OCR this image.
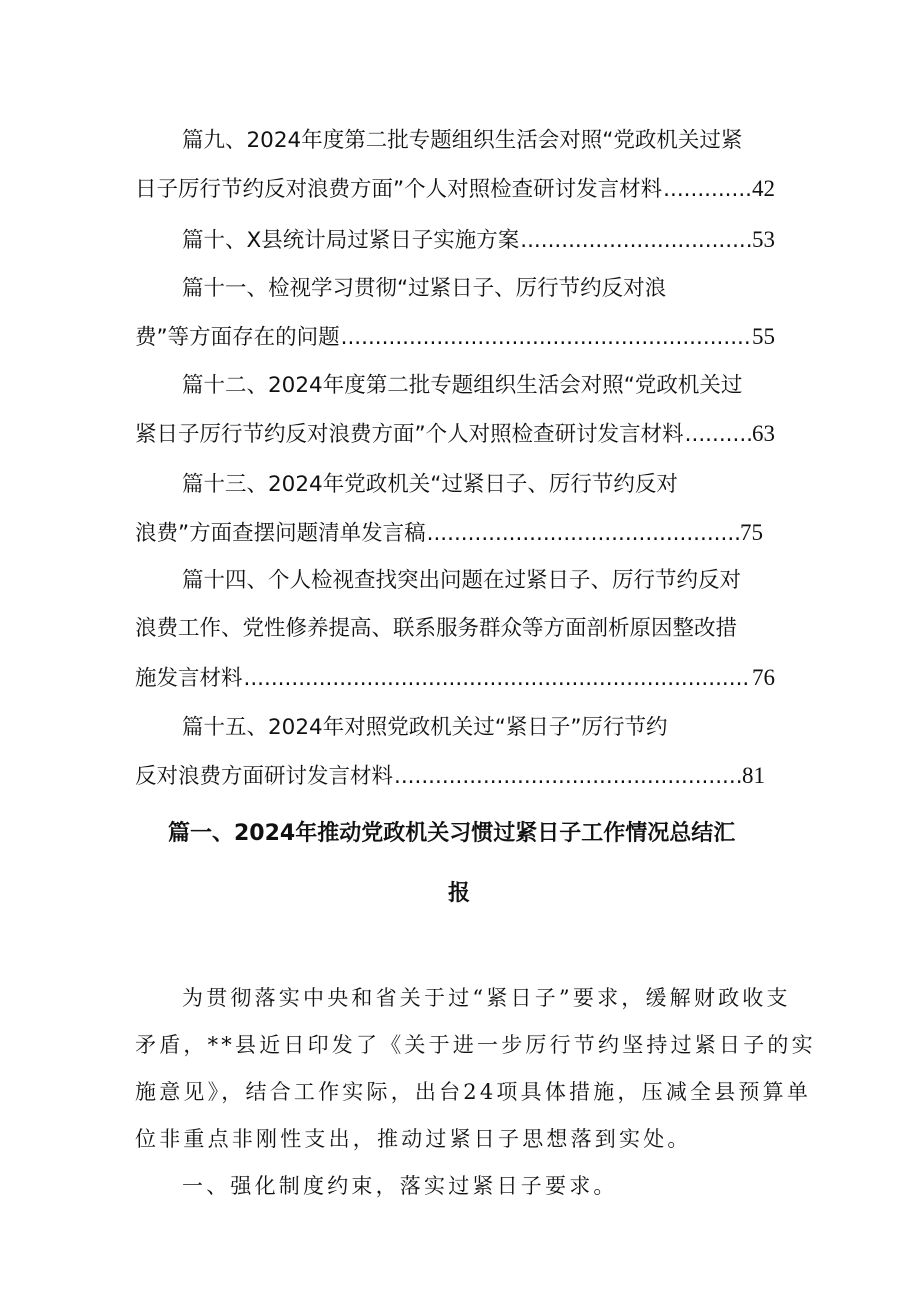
篇九、2024年度第二批专题组织生活会对照“党政机关过紧
日子厉行节约反对浪费方面”个人对照检查研讨发言材料 .....	42
篇十、X县统计局过紧日子实施方案 .....	53
篇十一、检视学习贯彻“过紧日子、厉行节约反对浪
费”等方面存在的问题 .....	55
篇十二、2024年度第二批专题组织生活会对照“党政机关过
紧日子厉行节约反对浪费方面”个人对照检查研讨发言材料 .....	63
篇十三、2024年党政机关“过紧日子、厉行节约反对
浪费”方面查摆问题清单发言稿 .....	75
篇十四、个人检视查找突出问题在过紧日子、厉行节约反对
浪费工作、党性修养提高、联系服务群众等方面剖析原因整改措
施发言材料 .....	76
篇十五、2024年对照党政机关过“紧日子”厉行节约
反对浪费方面研讨发言材料 .....	81
篇一、2024年推动党政机关习惯过紧日子工作情况总结汇
报
为贯彻落实中央和省关于过“紧日子”要求，缓解财政收支
矛盾，**县近日印发了《关于进一步厉行节约坚持过紧日子的实
施意见》，结合工作实际，出台24项具体措施，压减全县预算单
位非重点非刚性支出，推动过紧日子思想落到实处。
一、强化制度约束，落实过紧日子要求。
